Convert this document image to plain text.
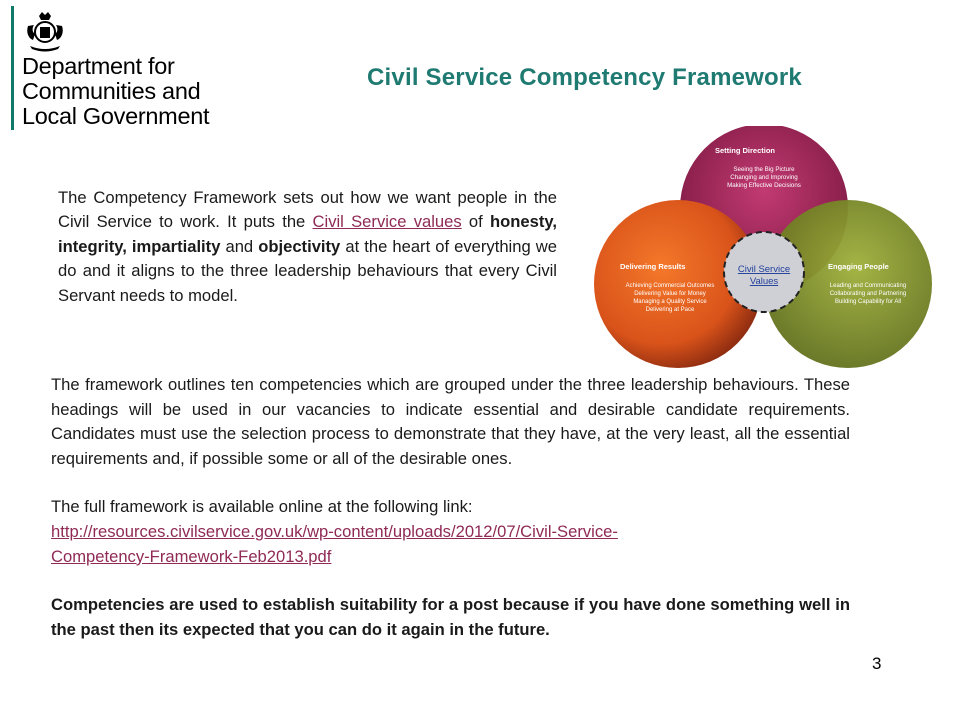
Department for
Communities and
Local Government
Civil Service Competency Framework
The Competency Framework sets out how we want people in the Civil Service to work. It puts the Civil Service values of honesty, integrity, impartiality and objectivity at the heart of everything we do and it aligns to the three leadership behaviours that every Civil Servant needs to model.
Setting Direction
Seeing the Big Picture
Changing and Improving
Making Effective Decisions
Delivering Results
Achieving Commercial Outcomes
Delivering Value for Money
Managing a Quality Service
Delivering at Pace
Engaging People
Leading and Communicating
Collaborating and Partnering
Building Capability for All
Civil Service
Values

The framework outlines ten competencies which are grouped under the three leadership behaviours. These headings will be used in our vacancies to indicate essential and desirable candidate requirements. Candidates must use the selection process to demonstrate that they have, at the very least, all the essential requirements and, if possible some or all of the desirable ones.

The full framework is available online at the following link:

http://resources.civilservice.gov.uk/wp-content/uploads/2012/07/Civil-Service-
Competency-Framework-Feb2013.pdf

Competencies are used to establish suitability for a post because if you have done something well in the past then its expected that you can do it again in the future.

3
